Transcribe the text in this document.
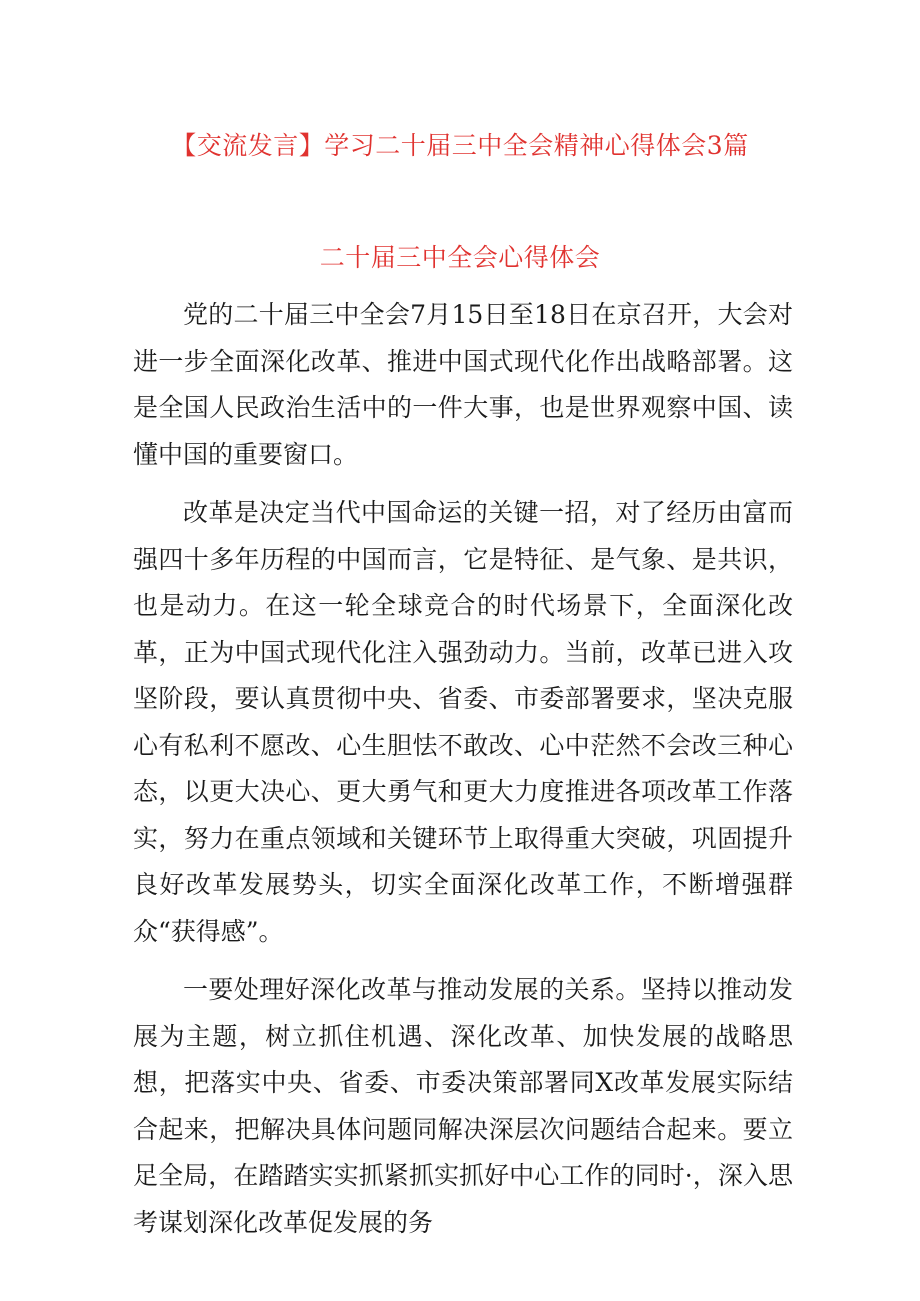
【交流发言】学习二十届三中全会精神心得体会3篇
二十届三中全会心得体会

党的二十届三中全会7月15日至18日在京召开，大会对进一步全面深化改革、推进中国式现代化作出战略部署。这是全国人民政治生活中的一件大事，也是世界观察中国、读懂中国的重要窗口。

改革是决定当代中国命运的关键一招，对了经历由富而强四十多年历程的中国而言，它是特征、是气象、是共识，也是动力。在这一轮全球竞合的时代场景下，全面深化改革，正为中国式现代化注入强劲动力。当前，改革已进入攻坚阶段，要认真贯彻中央、省委、市委部署要求，坚决克服心有私利不愿改、心生胆怯不敢改、心中茫然不会改三种心态，以更大决心、更大勇气和更大力度推进各项改革工作落实，努力在重点领域和关键环节上取得重大突破，巩固提升良好改革发展势头，切实全面深化改革工作，不断增强群众“获得感”。

一要处理好深化改革与推动发展的关系。坚持以推动发展为主题，树立抓住机遇、深化改革、加快发展的战略思想，把落实中央、省委、市委决策部署同X改革发展实际结合起来，把解决具体问题同解决深层次问题结合起来。要立足全局，在踏踏实实抓紧抓实抓好中心工作的同时·，深入思考谋划深化改革促发展的务
